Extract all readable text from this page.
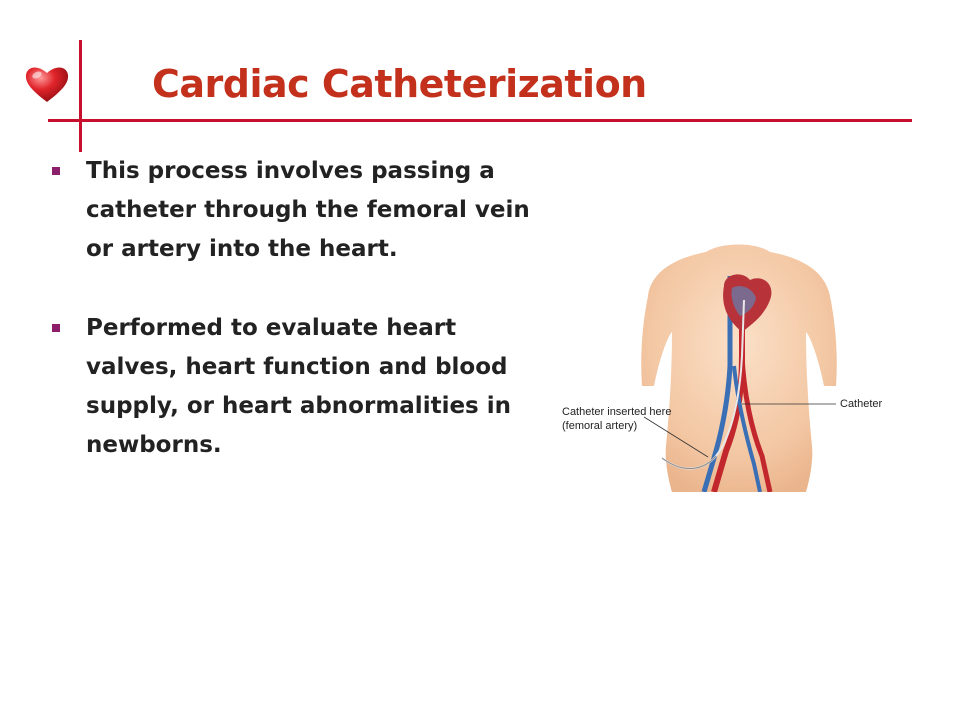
Cardiac Catheterization
This process involves passing a catheter through the femoral vein or artery into the heart.
Performed to evaluate heart valves, heart function and blood supply, or heart abnormalities in newborns.
Catheter inserted here
(femoral artery)
Catheter
